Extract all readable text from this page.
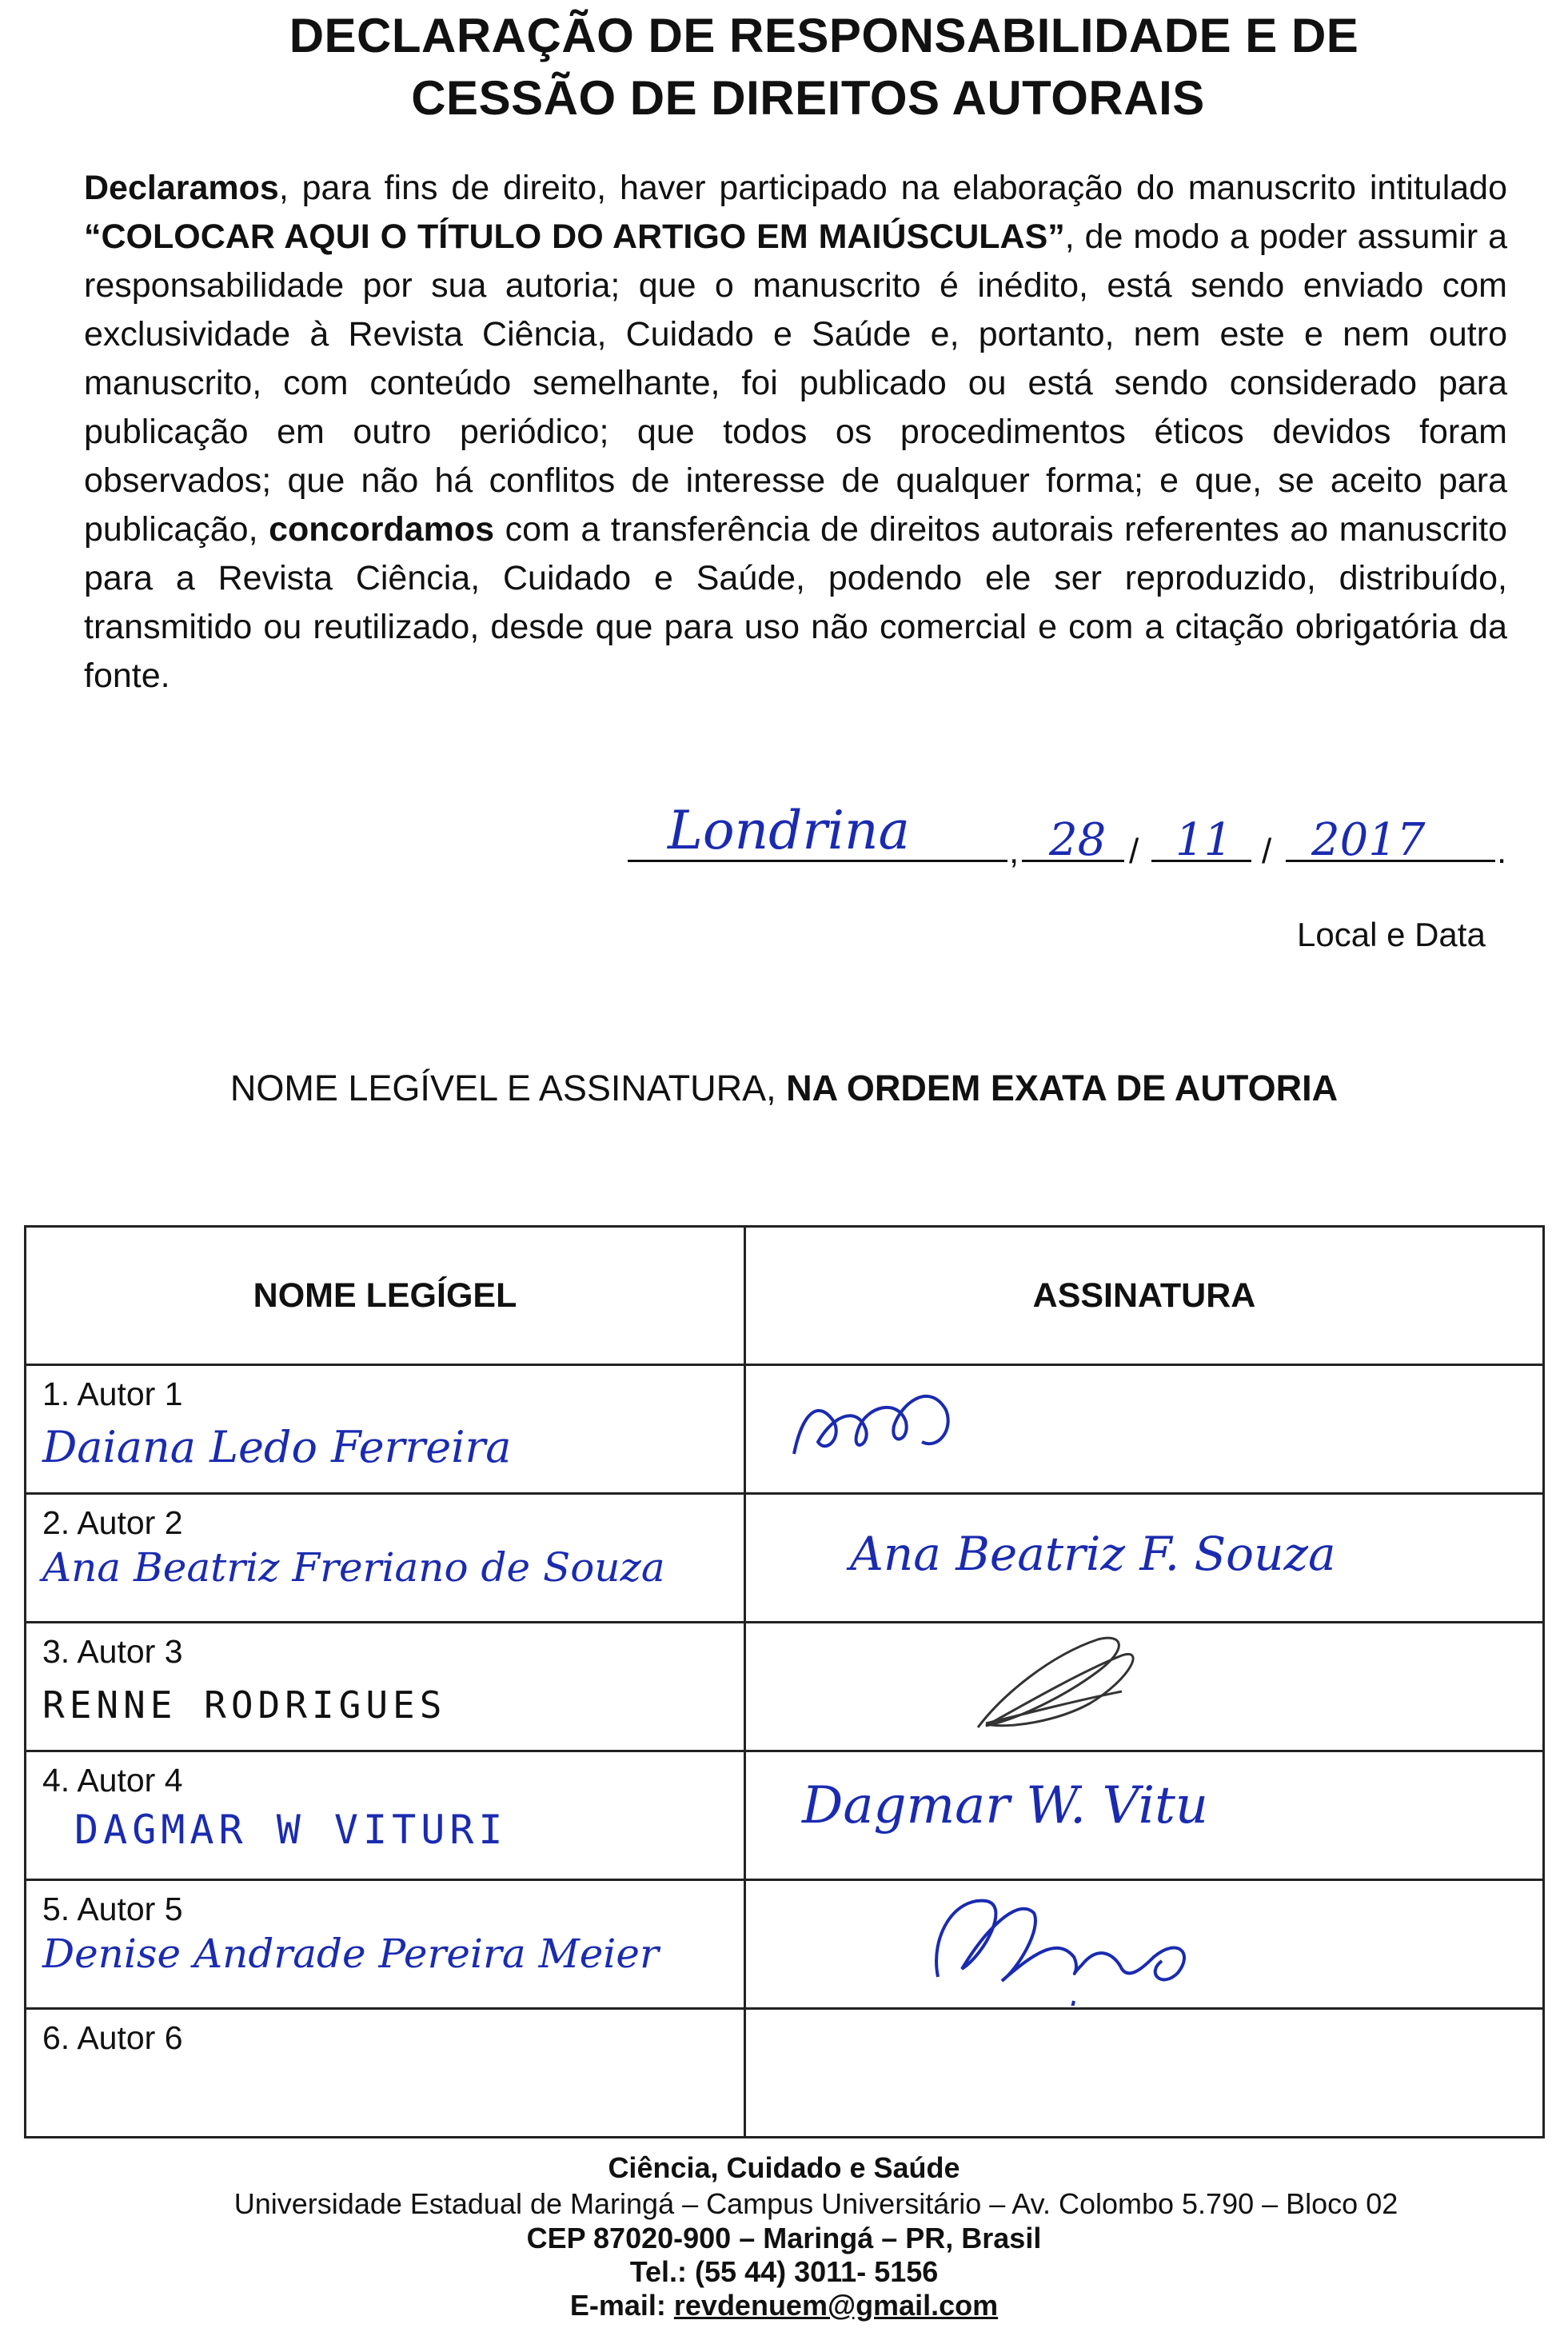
DECLARAÇÃO DE RESPONSABILIDADE E DE
CESSÃO DE DIREITOS AUTORAIS
Declaramos, para fins de direito, haver participado na elaboração do manuscrito intitulado “COLOCAR AQUI O TÍTULO DO ARTIGO EM MAIÚSCULAS”, de modo a poder assumir a responsabilidade por sua autoria; que o manuscrito é inédito, está sendo enviado com exclusividade à Revista Ciência, Cuidado e Saúde e, portanto, nem este e nem outro manuscrito, com conteúdo semelhante, foi publicado ou está sendo considerado para publicação em outro periódico; que todos os procedimentos éticos devidos foram observados; que não há conflitos de interesse de qualquer forma; e que, se aceito para publicação, concordamos com a transferência de direitos autorais referentes ao manuscrito para a Revista Ciência, Cuidado e Saúde, podendo ele ser reproduzido, distribuído, transmitido ou reutilizado, desde que para uso não comercial e com a citação obrigatória da fonte.
Londrina	, 28 / 11 / 2017 .
Local e Data
NOME LEGÍVEL E ASSINATURA, NA ORDEM EXATA DE AUTORIA
NOME LEGÍGEL	ASSINATURA

1. Autor 1
Daiana Ledo Ferreira

2. Autor 2
Ana Beatriz Freriano de Souza	Ana Beatriz F. Souza

3. Autor 3
RENNE RODRIGUES

4. Autor 4
DAGMAR W VITURI	Dagmar W. Vitu

5. Autor 5
Denise Andrade Pereira Meier

6. Autor 6	

Ciência, Cuidado e Saúde
Universidade Estadual de Maringá – Campus Universitário – Av. Colombo 5.790 – Bloco 02
CEP 87020-900 – Maringá – PR, Brasil
Tel.: (55 44) 3011- 5156
E-mail: revdenuem@gmail.com
